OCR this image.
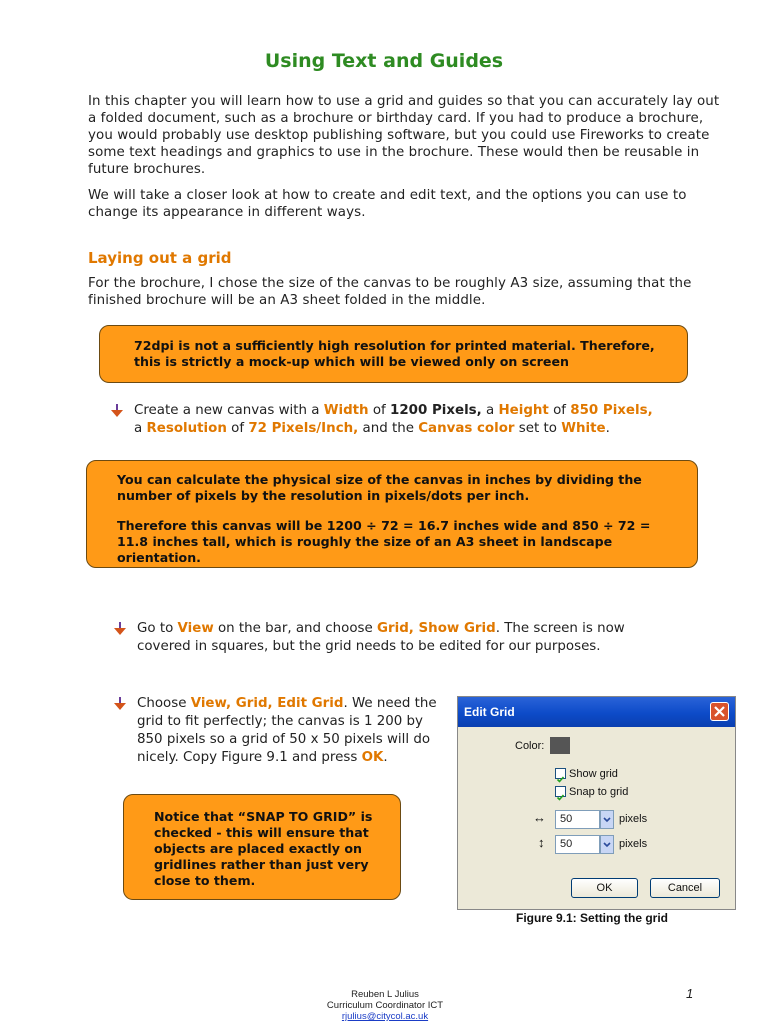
Using Text and Guides
In this chapter you will learn how to use a grid and guides so that you can accurately lay out a folded document, such as a brochure or birthday card. If you had to produce a brochure, you would probably use desktop publishing software, but you could use Fireworks to create some text headings and graphics to use in the brochure. These would then be reusable in future brochures.
We will take a closer look at how to create and edit text, and the options you can use to change its appearance in different ways.
Laying out a grid
For the brochure, I chose the size of the canvas to be roughly A3 size, assuming that the finished brochure will be an A3 sheet folded in the middle.
72dpi is not a sufficiently high resolution for printed material. Therefore,
this is strictly a mock-up which will be viewed only on screen
Create a new canvas with a Width of 1200 Pixels, a Height of 850 Pixels,
a Resolution of 72 Pixels/Inch, and the Canvas color set to White.

You can calculate the physical size of the canvas in inches by dividing the number of pixels by the resolution in pixels/dots per inch.

Therefore this canvas will be 1200 ÷ 72 = 16.7 inches wide and 850 ÷ 72 = 11.8 inches tall, which is roughly the size of an A3 sheet in landscape orientation.

Go to View on the bar, and choose Grid, Show Grid. The screen is now covered in squares, but the grid needs to be edited for our purposes.
Choose View, Grid, Edit Grid. We need the grid to fit perfectly; the canvas is 1 200 by 850 pixels so a grid of 50 x 50 pixels will do nicely. Copy Figure 9.1 and press OK.
Notice that “SNAP TO GRID” is checked - this will ensure that objects are placed exactly on gridlines rather than just very close to them.
Edit Grid
Color:
Show grid
Snap to grid
↔	50	pixels
↕	50	pixels
OK	Cancel
Figure 9.1: Setting the grid
Reuben L Julius
Curriculum Coordinator ICT
rjulius@citycol.ac.uk
1
